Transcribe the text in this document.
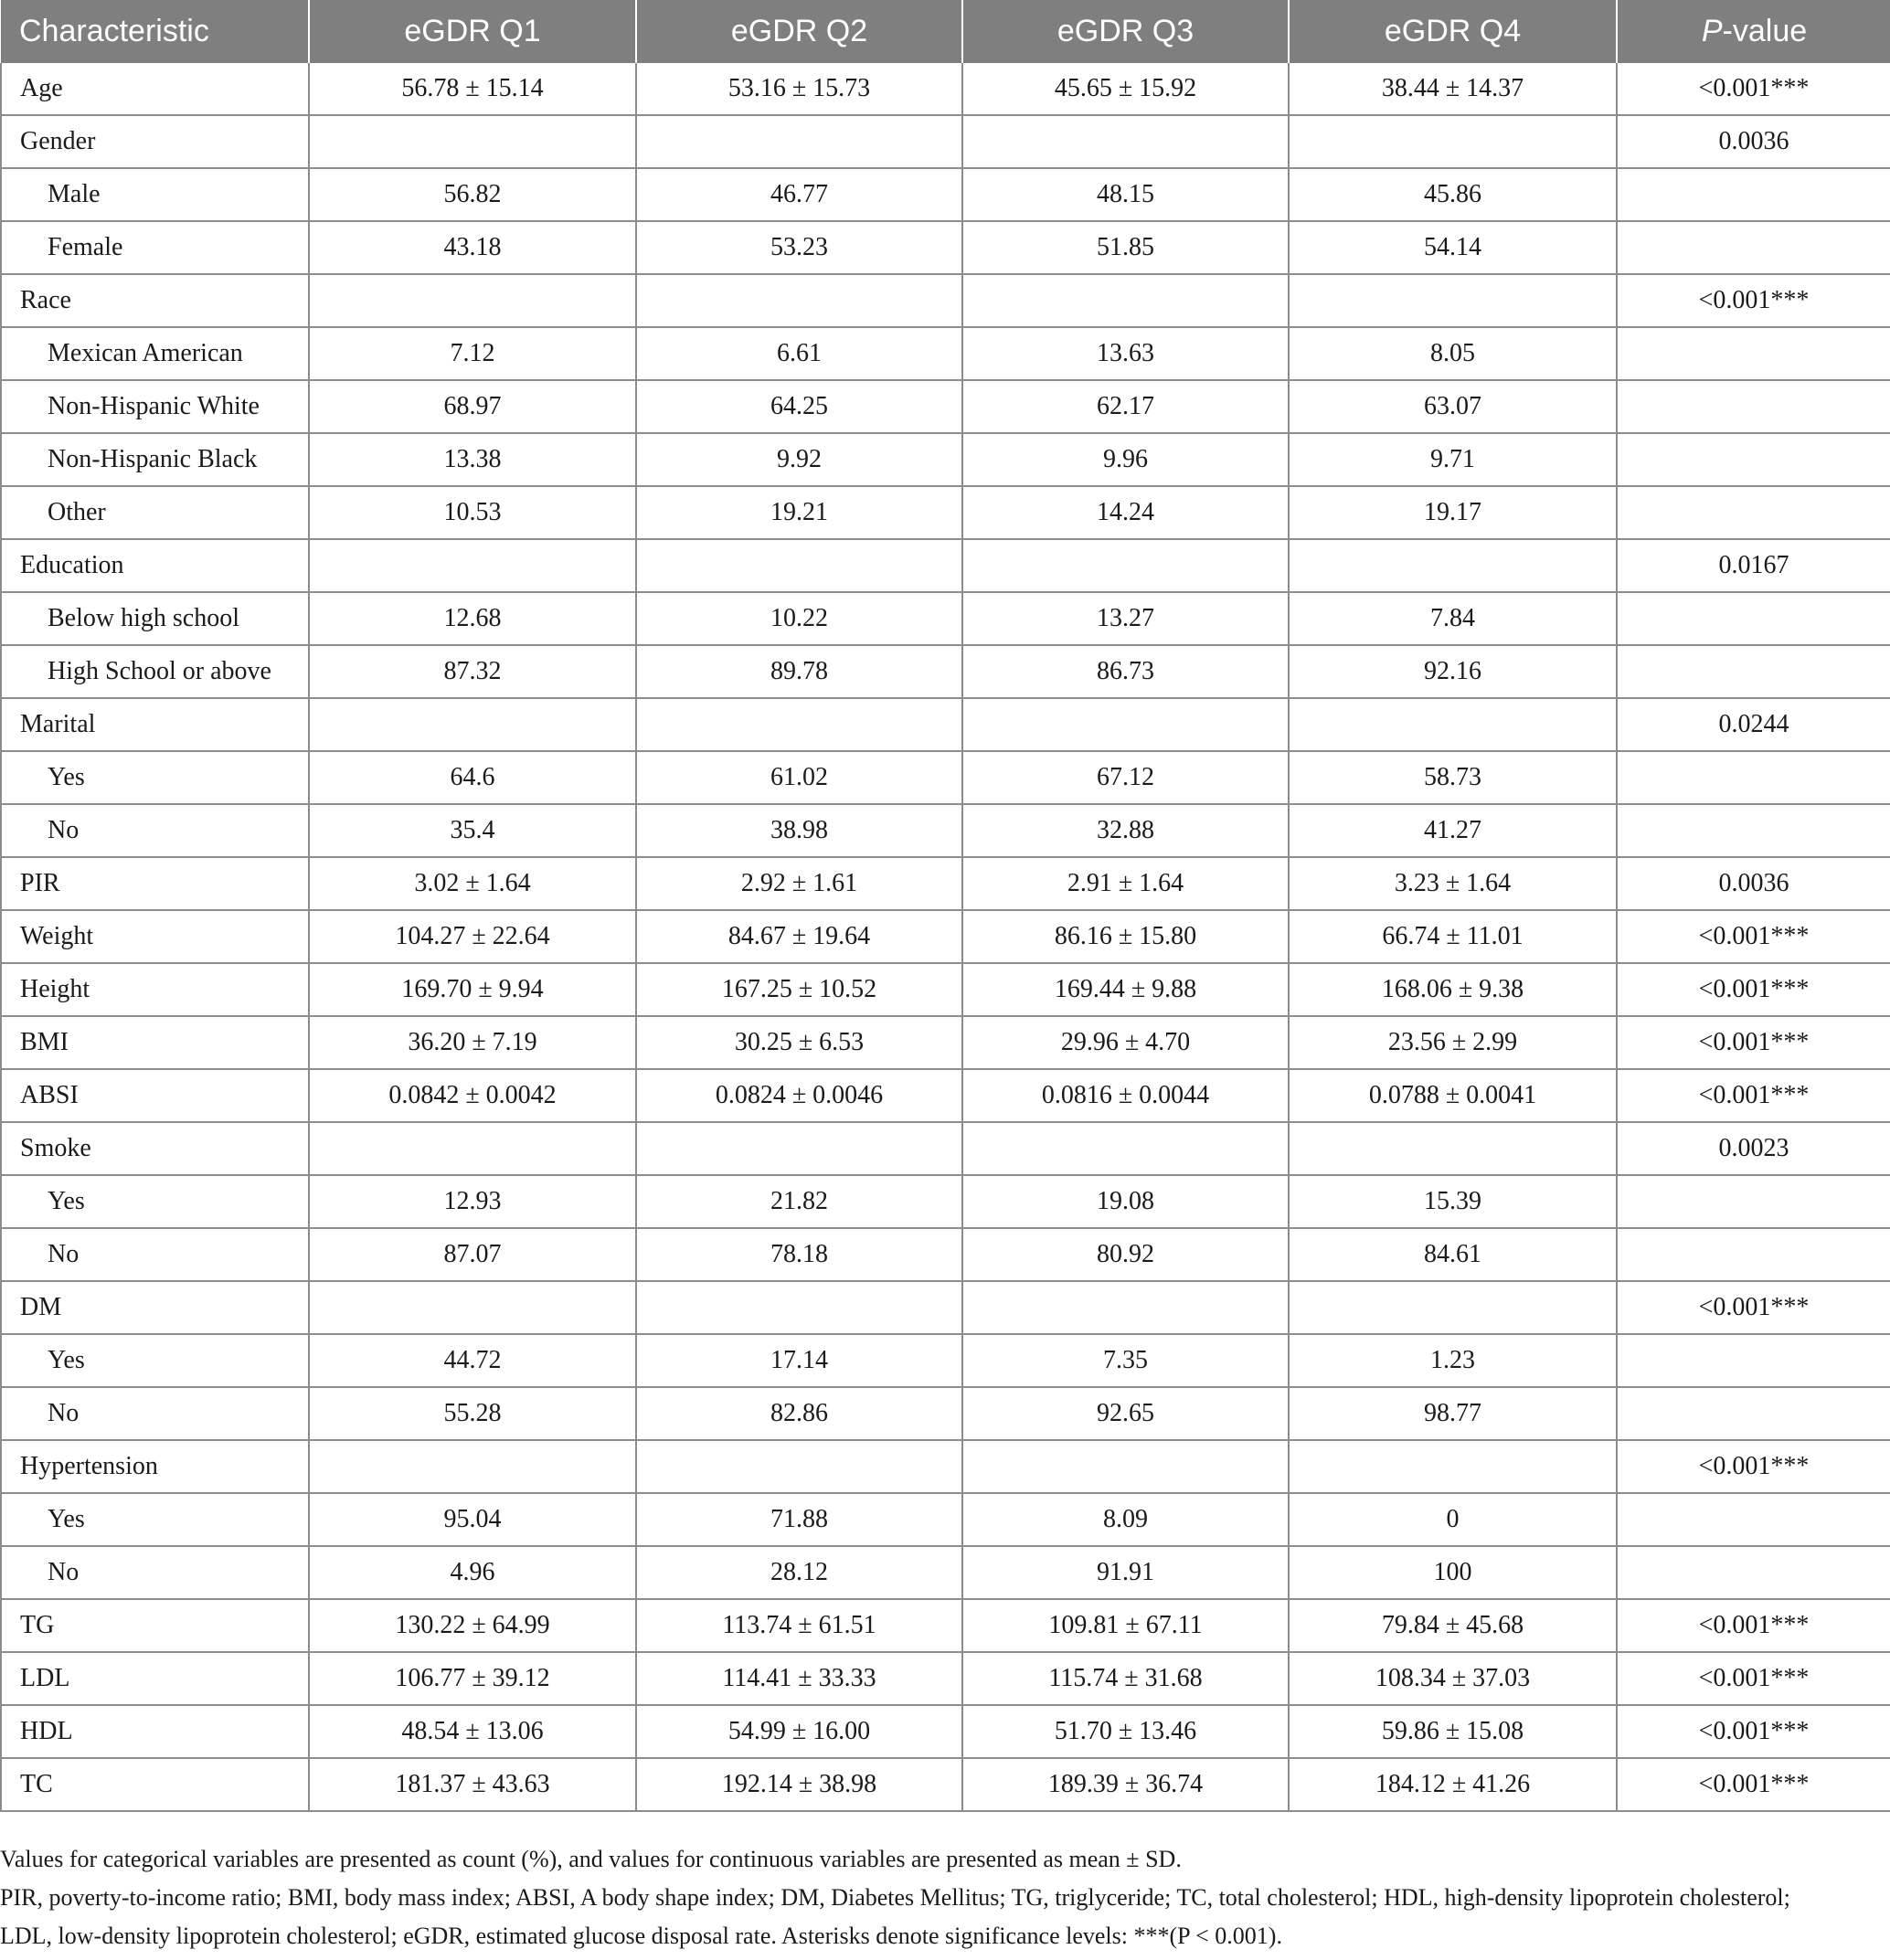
Characteristic	eGDR Q1	eGDR Q2	eGDR Q3	eGDR Q4	P-value
Age	56.78 ± 15.14	53.16 ± 15.73	45.65 ± 15.92	38.44 ± 14.37	<0.001***
Gender					0.0036
Male	56.82	46.77	48.15	45.86	
Female	43.18	53.23	51.85	54.14	
Race					<0.001***
Mexican American	7.12	6.61	13.63	8.05	
Non-Hispanic White	68.97	64.25	62.17	63.07	
Non-Hispanic Black	13.38	9.92	9.96	9.71	
Other	10.53	19.21	14.24	19.17	
Education					0.0167
Below high school	12.68	10.22	13.27	7.84	
High School or above	87.32	89.78	86.73	92.16	
Marital					0.0244
Yes	64.6	61.02	67.12	58.73	
No	35.4	38.98	32.88	41.27	
PIR	3.02 ± 1.64	2.92 ± 1.61	2.91 ± 1.64	3.23 ± 1.64	0.0036
Weight	104.27 ± 22.64	84.67 ± 19.64	86.16 ± 15.80	66.74 ± 11.01	<0.001***
Height	169.70 ± 9.94	167.25 ± 10.52	169.44 ± 9.88	168.06 ± 9.38	<0.001***
BMI	36.20 ± 7.19	30.25 ± 6.53	29.96 ± 4.70	23.56 ± 2.99	<0.001***
ABSI	0.0842 ± 0.0042	0.0824 ± 0.0046	0.0816 ± 0.0044	0.0788 ± 0.0041	<0.001***
Smoke					0.0023
Yes	12.93	21.82	19.08	15.39	
No	87.07	78.18	80.92	84.61	
DM					<0.001***
Yes	44.72	17.14	7.35	1.23	
No	55.28	82.86	92.65	98.77	
Hypertension					<0.001***
Yes	95.04	71.88	8.09	0	
No	4.96	28.12	91.91	100	
TG	130.22 ± 64.99	113.74 ± 61.51	109.81 ± 67.11	79.84 ± 45.68	<0.001***
LDL	106.77 ± 39.12	114.41 ± 33.33	115.74 ± 31.68	108.34 ± 37.03	<0.001***
HDL	48.54 ± 13.06	54.99 ± 16.00	51.70 ± 13.46	59.86 ± 15.08	<0.001***
TC	181.37 ± 43.63	192.14 ± 38.98	189.39 ± 36.74	184.12 ± 41.26	<0.001***

Values for categorical variables are presented as count (%), and values for continuous variables are presented as mean ± SD.

PIR, poverty-to-income ratio; BMI, body mass index; ABSI, A body shape index; DM, Diabetes Mellitus; TG, triglyceride; TC, total cholesterol; HDL, high-density lipoprotein cholesterol;

LDL, low-density lipoprotein cholesterol; eGDR, estimated glucose disposal rate. Asterisks denote significance levels: ***(P < 0.001).
